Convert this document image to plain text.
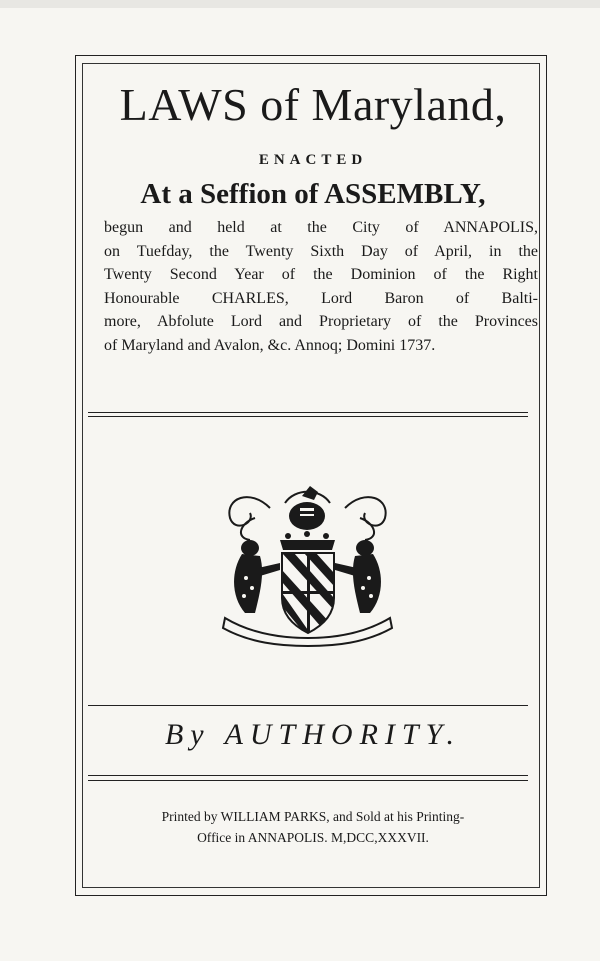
LAWS of Maryland,
ENACTED
At a Seffion of ASSEMBLY,
begun and held at the City of ANNAPOLIS,
on Tuefday, the Twenty Sixth Day of April, in the
Twenty Second Year of the Dominion of the Right
Honourable CHARLES, Lord Baron of Balti-
more, Abfolute Lord and Proprietary of the Provinces
of Maryland and Avalon, &c. Annoq; Domini 1737.
By AUTHORITY.
Printed by WILLIAM PARKS, and Sold at his Printing-
Office in ANNAPOLIS. M,DCC,XXXVII.
